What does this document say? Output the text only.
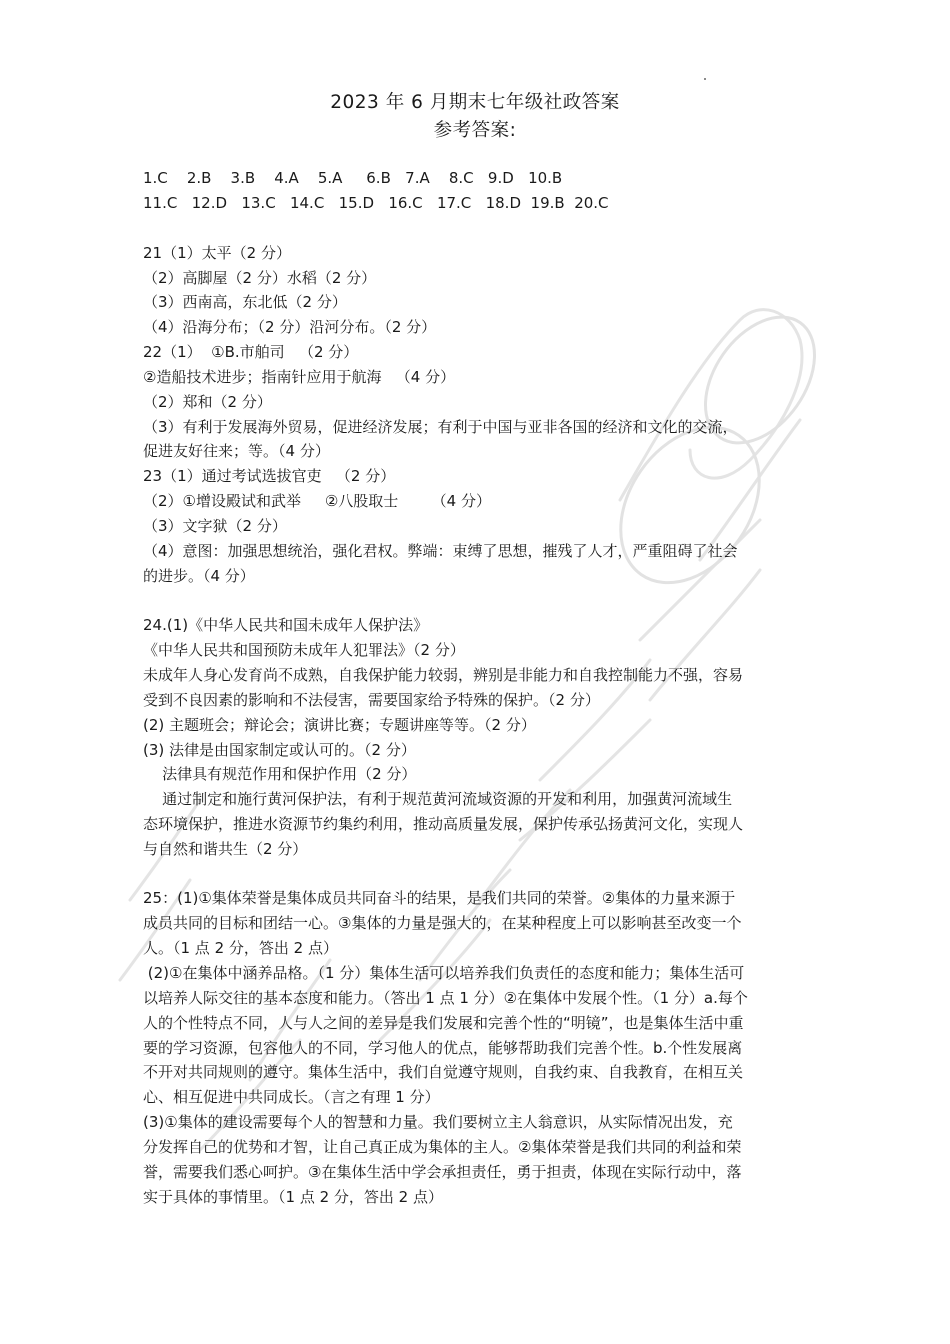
2023 年 6 月期末七年级社政答案
参考答案:
1.C    2.B    3.B    4.A    5.A     6.B   7.A    8.C   9.D   10.B
11.C   12.D   13.C   14.C   15.D   16.C   17.C   18.D  19.B  20.C
21（1）太平（2 分）
（2）高脚屋（2 分）水稻（2 分）
（3）西南高，东北低（2 分）
（4）沿海分布；（2 分）沿河分布。（2 分）
22（1）  ①B.市舶司   （2 分）
②造船技术进步；指南针应用于航海   （4 分）
（2）郑和（2 分）
（3）有利于发展海外贸易，促进经济发展；有利于中国与亚非各国的经济和文化的交流，
促进友好往来；等。（4 分）
23（1）通过考试选拔官吏   （2 分）
（2）①增设殿试和武举     ②八股取士       （4 分）
（3）文字狱（2 分）
（4）意图：加强思想统治，强化君权。弊端：束缚了思想，摧残了人才，严重阻碍了社会
的进步。（4 分）
24.(1)《中华人民共和国未成年人保护法》
《中华人民共和国预防未成年人犯罪法》（2 分）
未成年人身心发育尚不成熟，自我保护能力较弱，辨别是非能力和自我控制能力不强，容易
受到不良因素的影响和不法侵害，需要国家给予特殊的保护。（2 分）
(2) 主题班会；辩论会；演讲比赛；专题讲座等等。（2 分）
(3) 法律是由国家制定或认可的。（2 分）
法律具有规范作用和保护作用（2 分）
通过制定和施行黄河保护法，有利于规范黄河流域资源的开发和利用，加强黄河流域生
态环境保护，推进水资源节约集约利用，推动高质量发展，保护传承弘扬黄河文化，实现人
与自然和谐共生（2 分）
25：(1)①集体荣誉是集体成员共同奋斗的结果，是我们共同的荣誉。②集体的力量来源于
成员共同的目标和团结一心。③集体的力量是强大的，在某种程度上可以影响甚至改变一个
人。（1 点 2 分，答出 2 点）
(2)①在集体中涵养品格。（1 分）集体生活可以培养我们负责任的态度和能力；集体生活可
以培养人际交往的基本态度和能力。（答出 1 点 1 分）②在集体中发展个性。（1 分）a.每个
人的个性特点不同，人与人之间的差异是我们发展和完善个性的“明镜”，也是集体生活中重
要的学习资源，包容他人的不同，学习他人的优点，能够帮助我们完善个性。b.个性发展离
不开对共同规则的遵守。集体生活中，我们自觉遵守规则，自我约束、自我教育，在相互关
心、相互促进中共同成长。（言之有理 1 分）
(3)①集体的建设需要每个人的智慧和力量。我们要树立主人翁意识，从实际情况出发，充
分发挥自己的优势和才智，让自己真正成为集体的主人。②集体荣誉是我们共同的利益和荣
誉，需要我们悉心呵护。③在集体生活中学会承担责任，勇于担责，体现在实际行动中，落
实于具体的事情里。（1 点 2 分，答出 2 点）
